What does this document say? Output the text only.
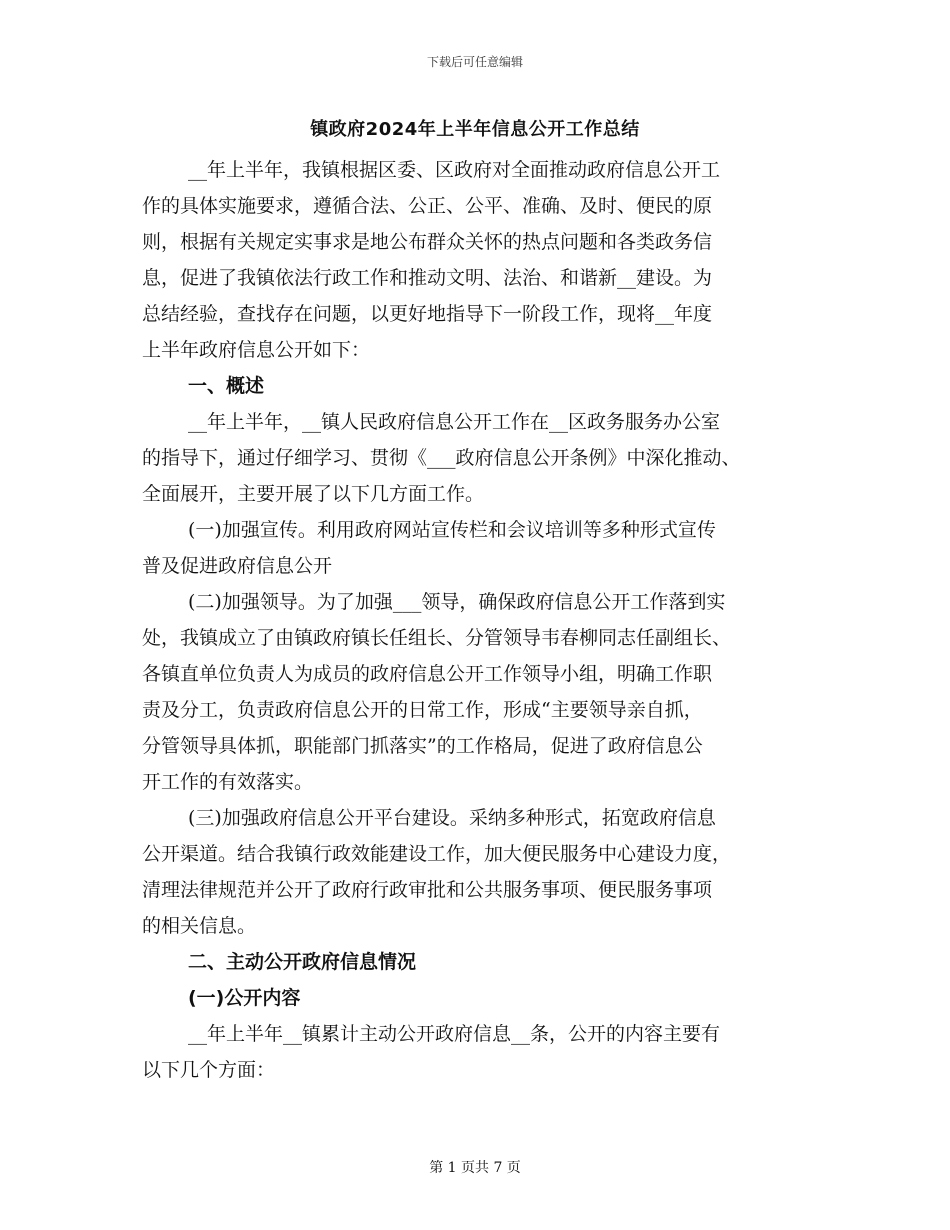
下载后可任意编辑
镇政府2024年上半年信息公开工作总结
__年上半年，我镇根据区委、区政府对全面推动政府信息公开工
作的具体实施要求，遵循合法、公正、公平、准确、及时、便民的原
则，根据有关规定实事求是地公布群众关怀的热点问题和各类政务信
息，促进了我镇依法行政工作和推动文明、法治、和谐新__建设。为
总结经验，查找存在问题，以更好地指导下一阶段工作，现将__年度
上半年政府信息公开如下：
一、概述
__年上半年，__镇人民政府信息公开工作在__区政务服务办公室
的指导下，通过仔细学习、贯彻《___政府信息公开条例》中深化推动、
全面展开，主要开展了以下几方面工作。
(一)加强宣传。利用政府网站宣传栏和会议培训等多种形式宣传
普及促进政府信息公开
(二)加强领导。为了加强___领导，确保政府信息公开工作落到实
处，我镇成立了由镇政府镇长任组长、分管领导韦春柳同志任副组长、
各镇直单位负责人为成员的政府信息公开工作领导小组，明确工作职
责及分工，负责政府信息公开的日常工作，形成“主要领导亲自抓，
分管领导具体抓，职能部门抓落实”的工作格局，促进了政府信息公
开工作的有效落实。
(三)加强政府信息公开平台建设。采纳多种形式，拓宽政府信息
公开渠道。结合我镇行政效能建设工作，加大便民服务中心建设力度，
清理法律规范并公开了政府行政审批和公共服务事项、便民服务事项
的相关信息。
二、主动公开政府信息情况
(一)公开内容
__年上半年__镇累计主动公开政府信息__条，公开的内容主要有
以下几个方面：
第 1 页共 7 页
